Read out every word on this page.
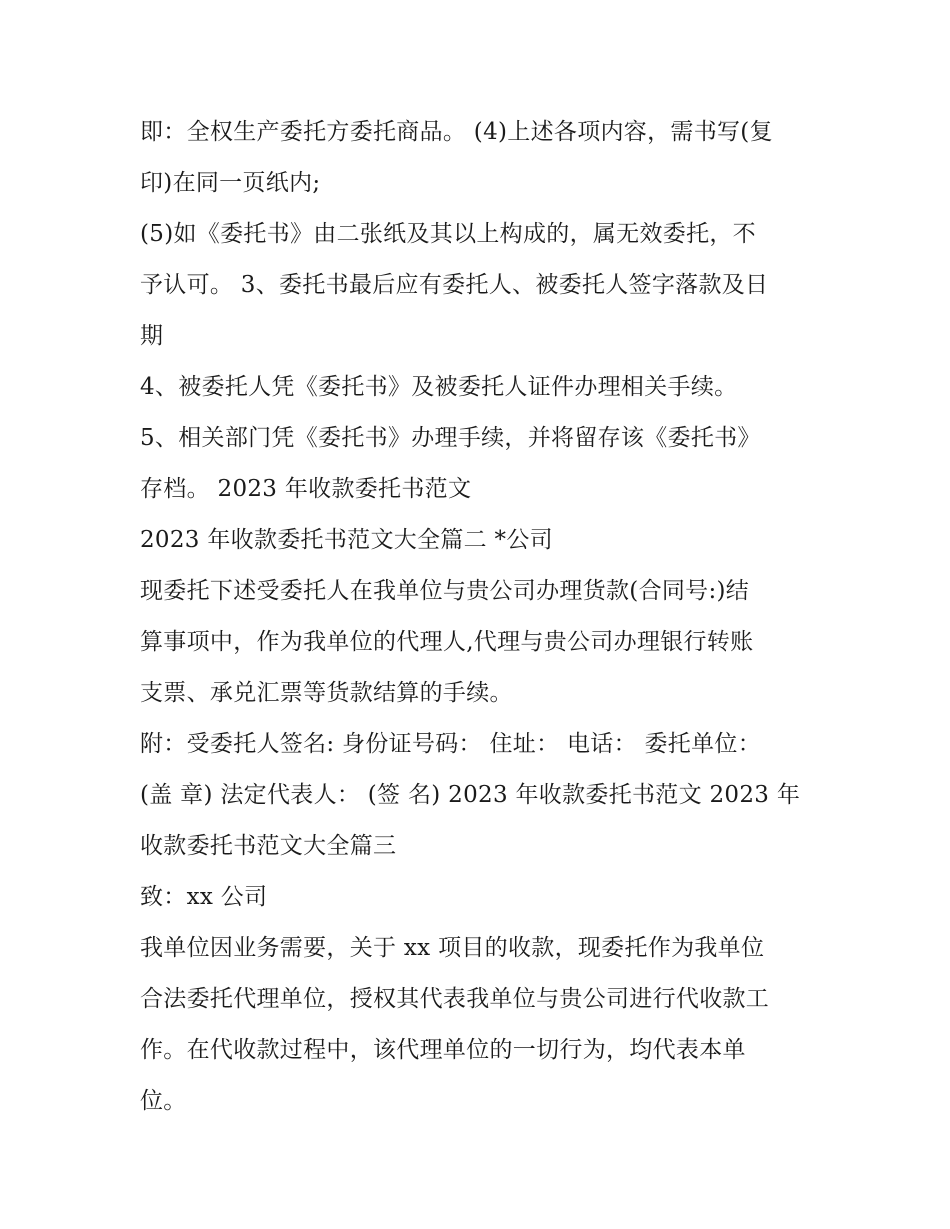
即：全权生产委托方委托商品。 (4)上述各项内容，需书写(复
印)在同一页纸内;
(5)如《委托书》由二张纸及其以上构成的，属无效委托，不
予认可。 3、委托书最后应有委托人、被委托人签字落款及日
期
4、被委托人凭《委托书》及被委托人证件办理相关手续。
5、相关部门凭《委托书》办理手续，并将留存该《委托书》
存档。 2023 年收款委托书范文
2023 年收款委托书范文大全篇二 *公司
现委托下述受委托人在我单位与贵公司办理货款(合同号:)结
算事项中，作为我单位的代理人,代理与贵公司办理银行转账
支票、承兑汇票等货款结算的手续。
附：受委托人签名: 身份证号码： 住址： 电话： 委托单位：
(盖 章) 法定代表人： (签 名) 2023 年收款委托书范文 2023 年
收款委托书范文大全篇三
致：xx 公司
我单位因业务需要，关于 xx 项目的收款，现委托作为我单位
合法委托代理单位，授权其代表我单位与贵公司进行代收款工
作。在代收款过程中，该代理单位的一切行为，均代表本单
位。
